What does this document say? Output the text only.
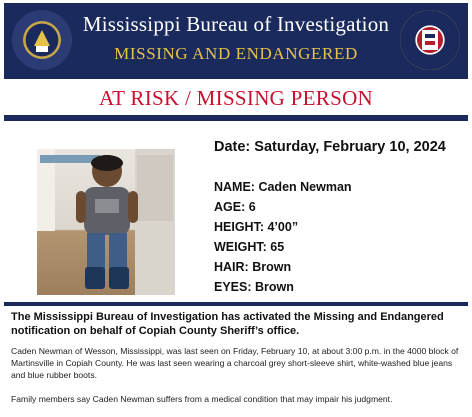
Mississippi Bureau of Investigation
MISSING AND ENDANGERED
AT RISK / MISSING PERSON
Date: Saturday, February 10, 2024
NAME: Caden Newman
AGE: 6
HEIGHT: 4’00”
WEIGHT: 65
HAIR: Brown
EYES: Brown
The Mississippi Bureau of Investigation has activated the Missing and Endangered notification on behalf of Copiah County Sheriff’s office.
Caden Newman of Wesson, Mississippi, was last seen on Friday, February 10, at about 3:00 p.m. in the 4000 block of Martinsville in Copiah County. He was last seen wearing a charcoal grey short-sleeve shirt, white-washed blue jeans and blue rubber boots.
Family members say Caden Newman suffers from a medical condition that may impair his judgment.
